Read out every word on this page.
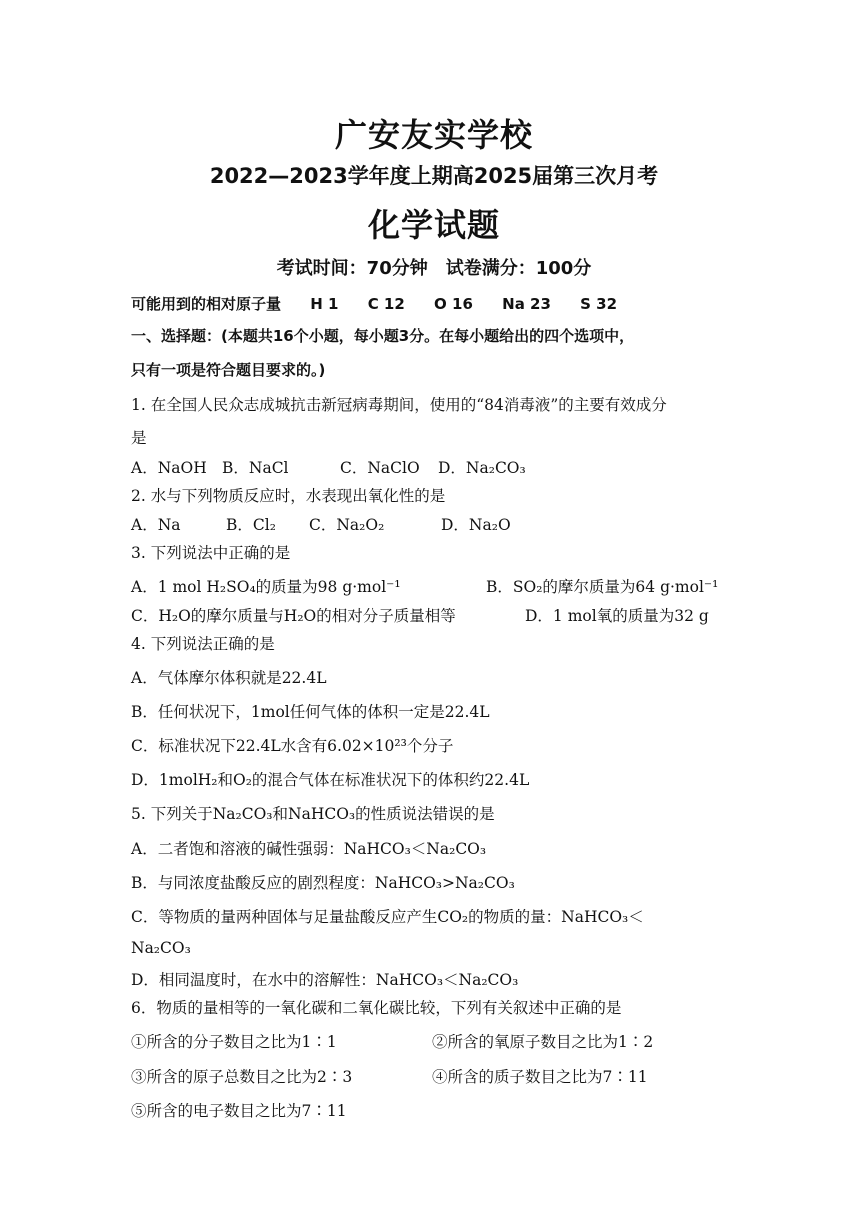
广安友实学校
2022—2023学年度上期高2025届第三次月考
化学试题
考试时间：70分钟　试卷满分：100分
可能用到的相对原子量 H 1 C 12 O 16 Na 23 S 32
一、选择题：(本题共16个小题，每小题3分。在每小题给出的四个选项中，
只有一项是符合题目要求的。)
1. 在全国人民众志成城抗击新冠病毒期间，使用的“84消毒液”的主要有效成分
是
A．NaOH B．NaCl	C．NaClO D．Na₂CO₃
2. 水与下列物质反应时，水表现出氧化性的是
A．Na	B．Cl₂ C．Na₂O₂	D．Na₂O
3. 下列说法中正确的是
A．1 mol H₂SO₄的质量为98 g·mol⁻¹	B．SO₂的摩尔质量为64 g·mol⁻¹
C．H₂O的摩尔质量与H₂O的相对分子质量相等	D．1 mol氧的质量为32 g
4. 下列说法正确的是
A．气体摩尔体积就是22.4L
B．任何状况下，1mol任何气体的体积一定是22.4L
C．标准状况下22.4L水含有6.02×10²³个分子
D．1molH₂和O₂的混合气体在标准状况下的体积约22.4L
5. 下列关于Na₂CO₃和NaHCO₃的性质说法错误的是
A．二者饱和溶液的碱性强弱：NaHCO₃＜Na₂CO₃
B．与同浓度盐酸反应的剧烈程度：NaHCO₃>Na₂CO₃
C．等物质的量两种固体与足量盐酸反应产生CO₂的物质的量：NaHCO₃＜
Na₂CO₃
D．相同温度时，在水中的溶解性：NaHCO₃＜Na₂CO₃
6．物质的量相等的一氧化碳和二氧化碳比较，下列有关叙述中正确的是
①所含的分子数目之比为1∶1	②所含的氧原子数目之比为1∶2
③所含的原子总数目之比为2∶3	④所含的质子数目之比为7∶11
⑤所含的电子数目之比为7∶11
